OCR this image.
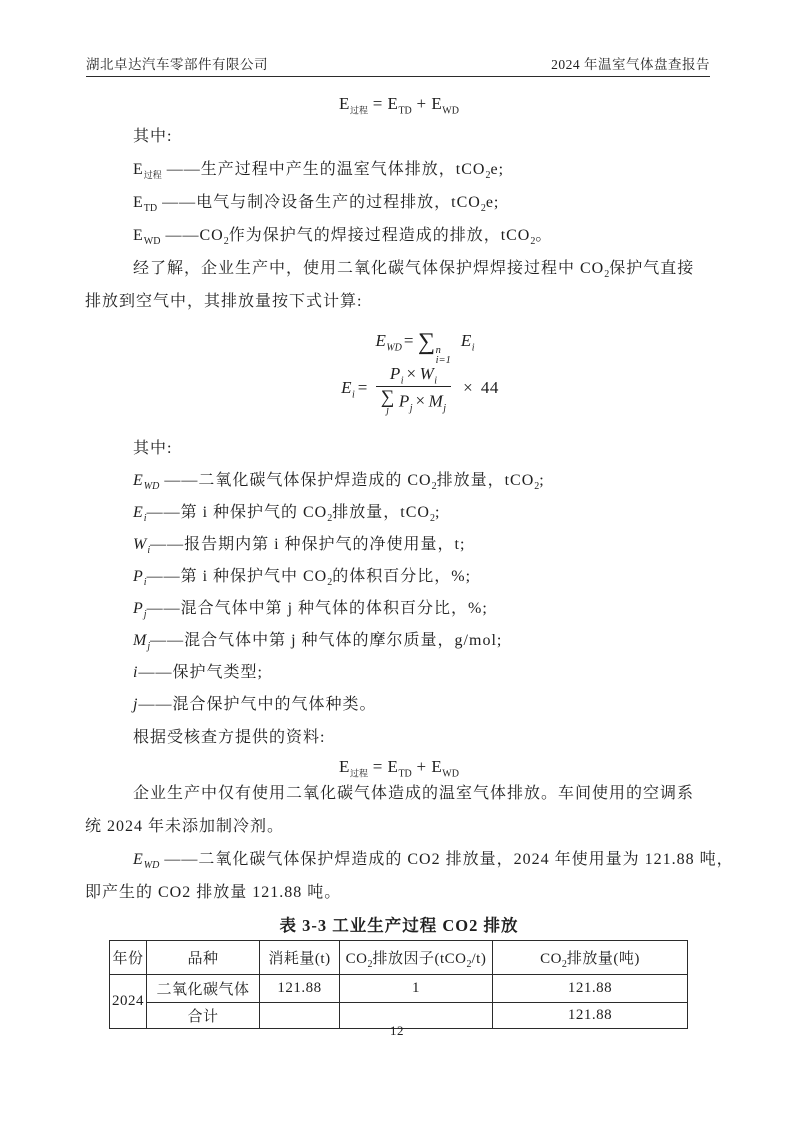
湖北卓达汽车零部件有限公司	2024 年温室气体盘查报告
$E_{过程} = E_{TD} + E_{WD}$

其中:

$E_{过程}$ ——生产过程中产生的温室气体排放，tCO$_2$e;

$E_{TD}$ ——电气与制冷设备生产的过程排放，tCO$_2$e;

$E_{WD}$ $——CO_2$作为保护气的焊接过程造成的排放，tCO$_2$。

经了解，企业生产中，使用二氧化碳气体保护焊焊接过程中 $CO_2$保护气直接

排放到空气中，其排放量按下式计算:

$E_{WD}$ = ∑ n
i=1
$E_i$
$E_i = P_i \times W_i$
∑
j
$P_j \times M_j \times 44$

其中:

$E_{WD}$ ——二氧化碳气体保护焊造成的 $CO_2$排放量，tCO$_2$;

$E_i——$第 i 种保护气的 $CO_2$排放量，tCO$_2$;

$W_i——$报告期内第 i 种保护气的净使用量，t;

$P_i——$第 i 种保护气中 $CO_2$的体积百分比，%;

$P_j——$混合气体中第 j 种气体的体积百分比，%;

$M_j——$混合气体中第 j 种气体的摩尔质量，g/mol;

i——保护气类型;

j——混合保护气中的气体种类。

根据受核查方提供的资料:

$E_{过程} = E_{TD} + E_{WD}$

企业生产中仅有使用二氧化碳气体造成的温室气体排放。车间使用的空调系

统 2024 年未添加制冷剂。

$E_{WD}$ ——二氧化碳气体保护焊造成的 CO2 排放量，2024 年使用量为 121.88 吨，

即产生的 CO2 排放量 121.88 吨。

表 3-3 工业生产过程 CO2 排放
年份	品种	消耗量(t)	$CO_2$排放因子(tCO$_2$/t)	$CO_2$排放量(吨)
2024	二氧化碳气体	121.88	1	121.88
	合计			121.88
12
